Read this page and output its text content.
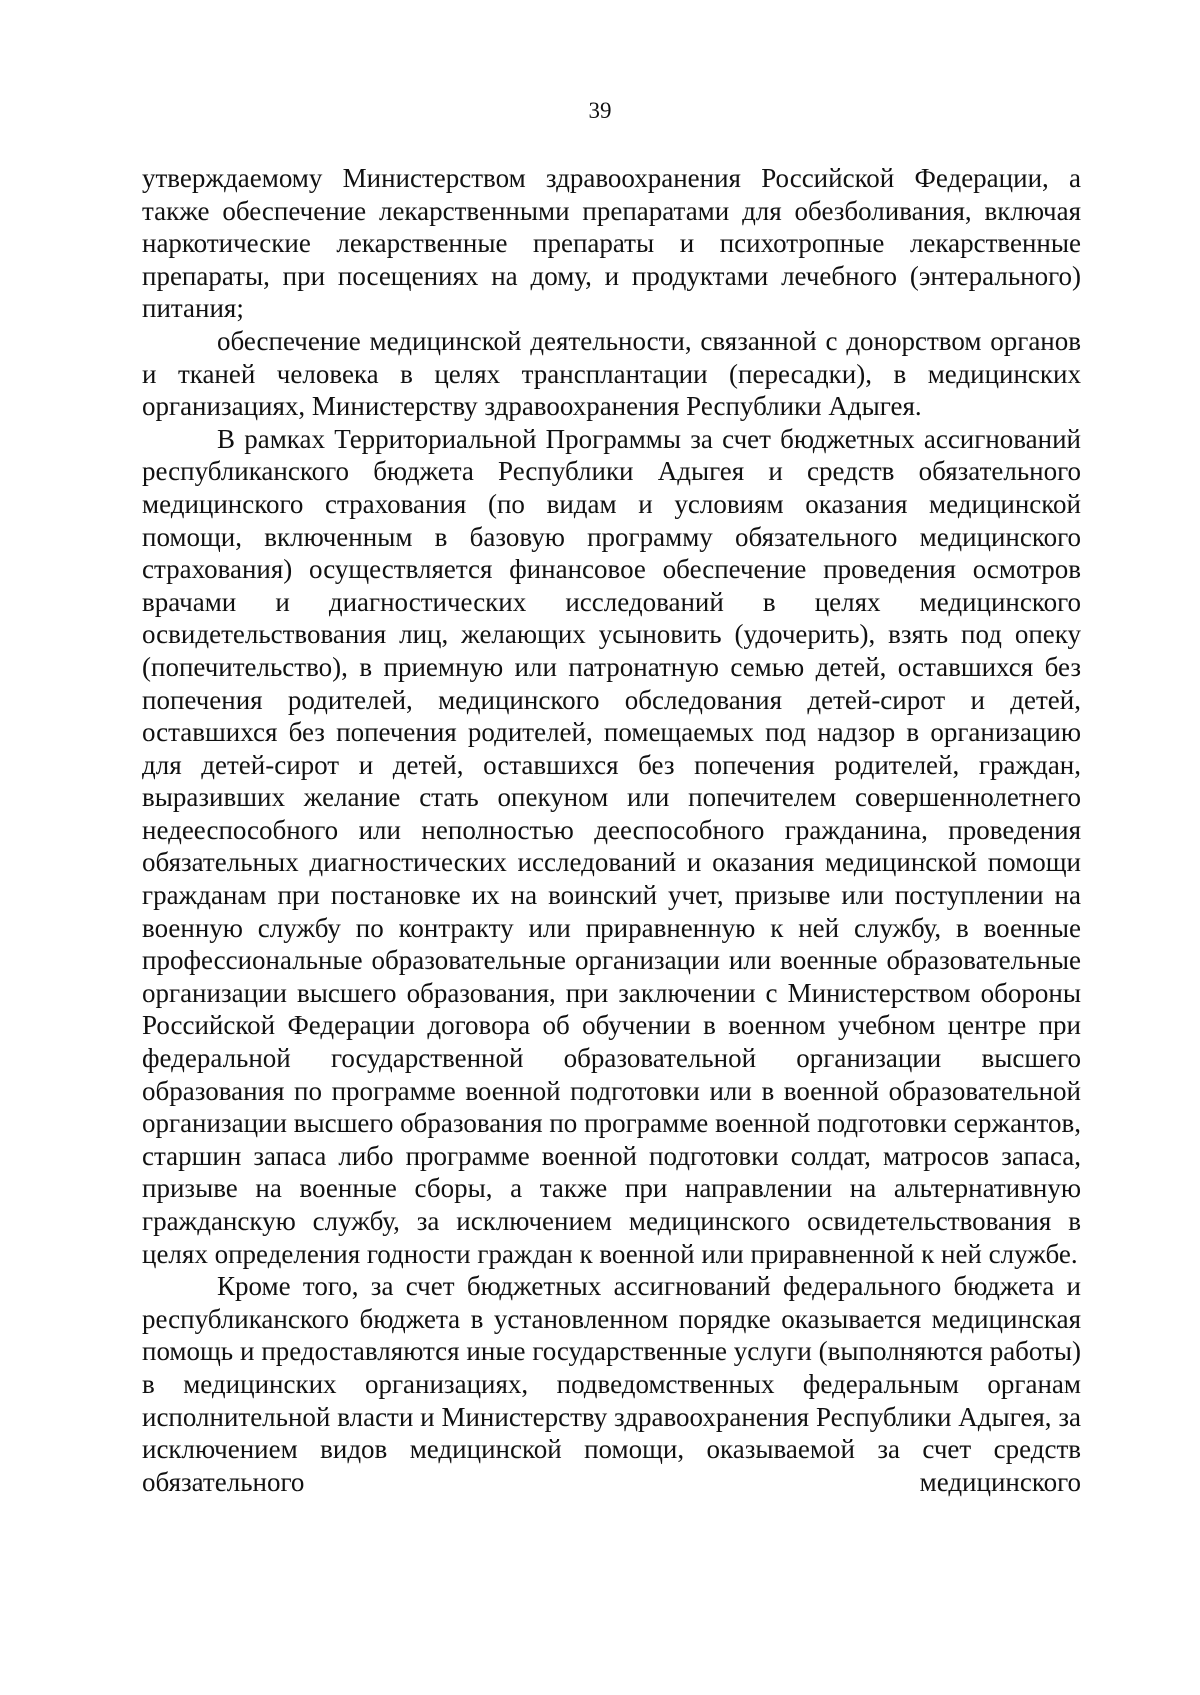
39

утверждаемому Министерством здравоохранения Российской Федерации, а также обеспечение лекарственными препаратами для обезболивания, включая наркотические лекарственные препараты и психотропные лекарственные препараты, при посещениях на дому, и продуктами лечебного (энтерального) питания;

обеспечение медицинской деятельности, связанной с донорством органов и тканей человека в целях трансплантации (пересадки), в медицинских организациях, Министерству здравоохранения Республики Адыгея.

В рамках Территориальной Программы за счет бюджетных ассигнований республиканского бюджета Республики Адыгея и средств обязательного медицинского страхования (по видам и условиям оказания медицинской помощи, включенным в базовую программу обязательного медицинского страхования) осуществляется финансовое обеспечение проведения осмотров врачами и диагностических исследований в целях медицинского освидетельствования лиц, желающих усыновить (удочерить), взять под опеку (попечительство), в приемную или патронатную семью детей, оставшихся без попечения родителей, медицинского обследования детей-сирот и детей, оставшихся без попечения родителей, помещаемых под надзор в организацию для детей-сирот и детей, оставшихся без попечения родителей, граждан, выразивших желание стать опекуном или попечителем совершеннолетнего недееспособного или неполностью дееспособного гражданина, проведения обязательных диагностических исследований и оказания медицинской помощи гражданам при постановке их на воинский учет, призыве или поступлении на военную службу по контракту или приравненную к ней службу, в военные профессиональные образовательные организации или военные образовательные организации высшего образования, при заключении с Министерством обороны Российской Федерации договора об обучении в военном учебном центре при федеральной государственной образовательной организации высшего образования по программе военной подготовки или в военной образовательной организации высшего образования по программе военной подготовки сержантов, старшин запаса либо программе военной подготовки солдат, матросов запаса, призыве на военные сборы, а также при направлении на альтернативную гражданскую службу, за исключением медицинского освидетельствования в целях определения годности граждан к военной или приравненной к ней службе.

Кроме того, за счет бюджетных ассигнований федерального бюджета и республиканского бюджета в установленном порядке оказывается медицинская помощь и предоставляются иные государственные услуги (выполняются работы) в медицинских организациях, подведомственных федеральным органам исполнительной власти и Министерству здравоохранения Республики Адыгея, за исключением видов медицинской помощи, оказываемой за счет средств обязательного медицинского
